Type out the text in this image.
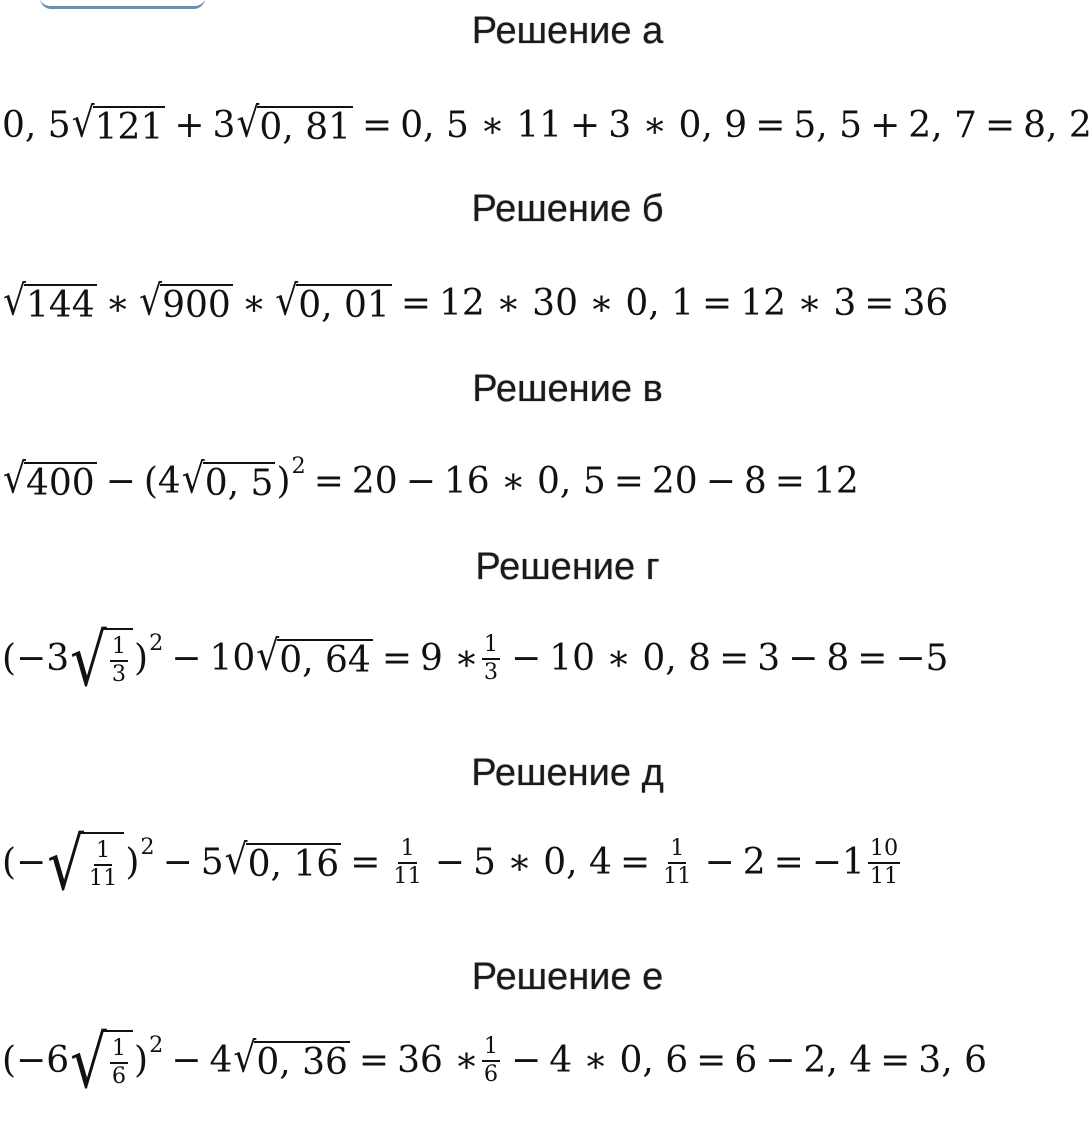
Решение а
0, 5 √ 121 + 3 √ 0, 81 = 0, 5 ∗ 11 + 3 ∗ 0, 9 = 5, 5 + 2, 7 = 8, 2
Решение б
√ 144 ∗ √ 900 ∗ √ 0, 01 = 12 ∗ 30 ∗ 0, 1 = 12 ∗ 3 = 36
Решение в
√ 400 − (4 √ 0, 5 ) 2 = 20 − 16 ∗ 0, 5 = 20 − 8 = 12
Решение г
(−3 √ $\frac{1}{3}$ ) 2 − 10 √ 0, 64 = 9 ∗ $\frac{1}{3} - 10$ ∗ 0, 8 = 3 − 8 = −5
Решение д
(− √ $\frac{1}{11}$ ) 2 − 5 √ 0, $16 = \frac{1}{11} - 5$ ∗ 0, $4 = \frac{1}{11} - 2 = -1 \frac{10}{11}$
Решение е
(−6 √ $\frac{1}{6}$ ) 2 − 4 √ 0, 36 = 36 ∗ $\frac{1}{6} - 4$ ∗ 0, 6 = 6 − 2, 4 = 3, 6
